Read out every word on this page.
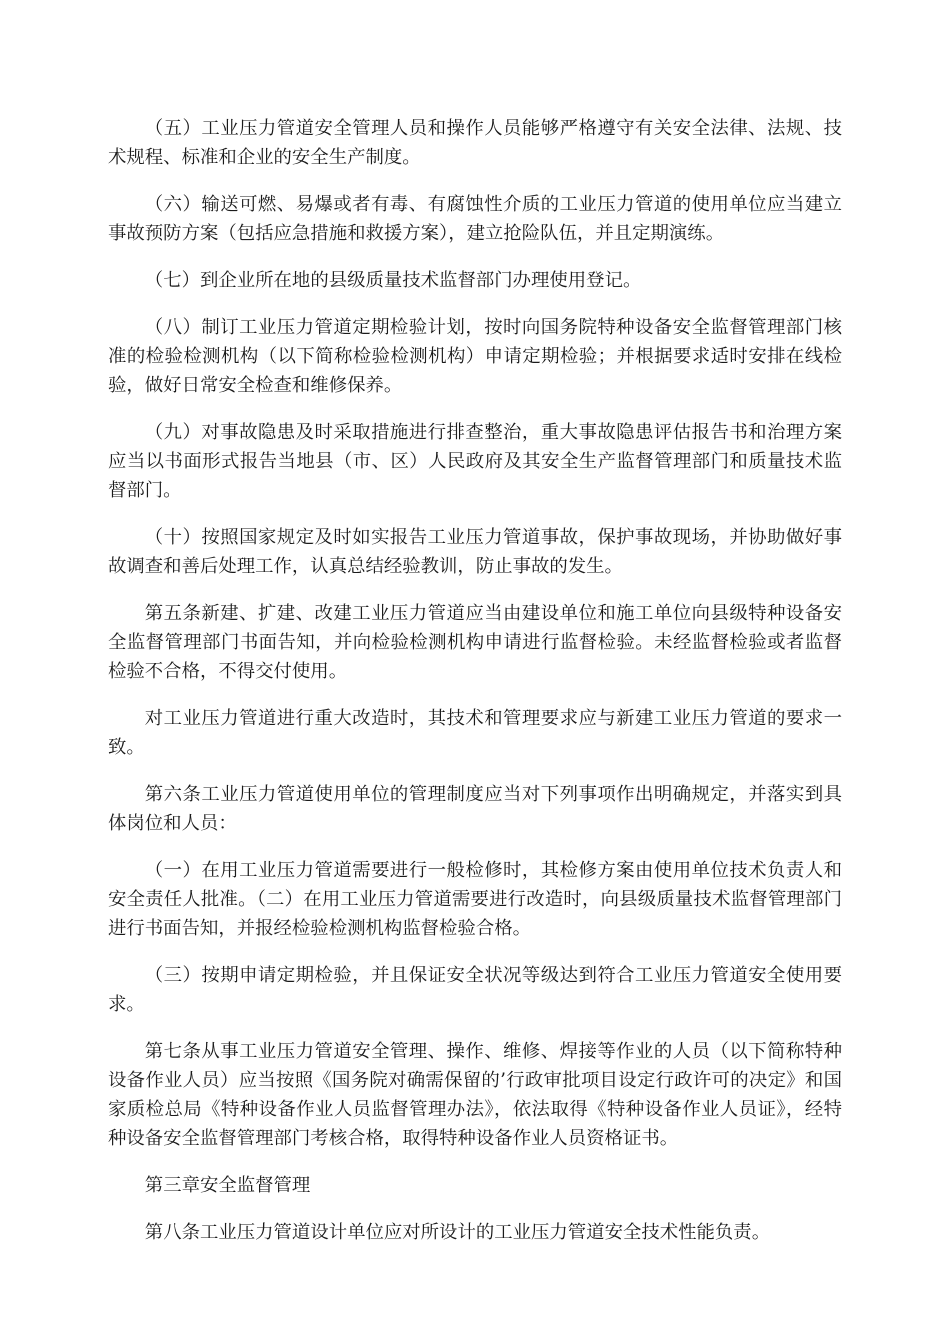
（五）工业压力管道安全管理人员和操作人员能够严格遵守有关安全法律、法规、技术规程、标准和企业的安全生产制度。

（六）输送可燃、易爆或者有毒、有腐蚀性介质的工业压力管道的使用单位应当建立事故预防方案（包括应急措施和救援方案），建立抢险队伍，并且定期演练。

（七）到企业所在地的县级质量技术监督部门办理使用登记。

（八）制订工业压力管道定期检验计划，按时向国务院特种设备安全监督管理部门核准的检验检测机构（以下简称检验检测机构）申请定期检验；并根据要求适时安排在线检验，做好日常安全检查和维修保养。

（九）对事故隐患及时采取措施进行排查整治，重大事故隐患评估报告书和治理方案应当以书面形式报告当地县（市、区）人民政府及其安全生产监督管理部门和质量技术监督部门。

（十）按照国家规定及时如实报告工业压力管道事故，保护事故现场，并协助做好事故调查和善后处理工作，认真总结经验教训，防止事故的发生。

第五条新建、扩建、改建工业压力管道应当由建设单位和施工单位向县级特种设备安全监督管理部门书面告知，并向检验检测机构申请进行监督检验。未经监督检验或者监督检验不合格，不得交付使用。

对工业压力管道进行重大改造时，其技术和管理要求应与新建工业压力管道的要求一致。

第六条工业压力管道使用单位的管理制度应当对下列事项作出明确规定，并落实到具体岗位和人员：

（一）在用工业压力管道需要进行一般检修时，其检修方案由使用单位技术负责人和安全责任人批准。（二）在用工业压力管道需要进行改造时，向县级质量技术监督管理部门进行书面告知，并报经检验检测机构监督检验合格。

（三）按期申请定期检验，并且保证安全状况等级达到符合工业压力管道安全使用要求。

第七条从事工业压力管道安全管理、操作、维修、焊接等作业的人员（以下简称特种设备作业人员）应当按照《国务院对确需保留的’行政审批项目设定行政许可的决定》和国家质检总局《特种设备作业人员监督管理办法》，依法取得《特种设备作业人员证》，经特种设备安全监督管理部门考核合格，取得特种设备作业人员资格证书。

第三章安全监督管理

第八条工业压力管道设计单位应对所设计的工业压力管道安全技术性能负责。
